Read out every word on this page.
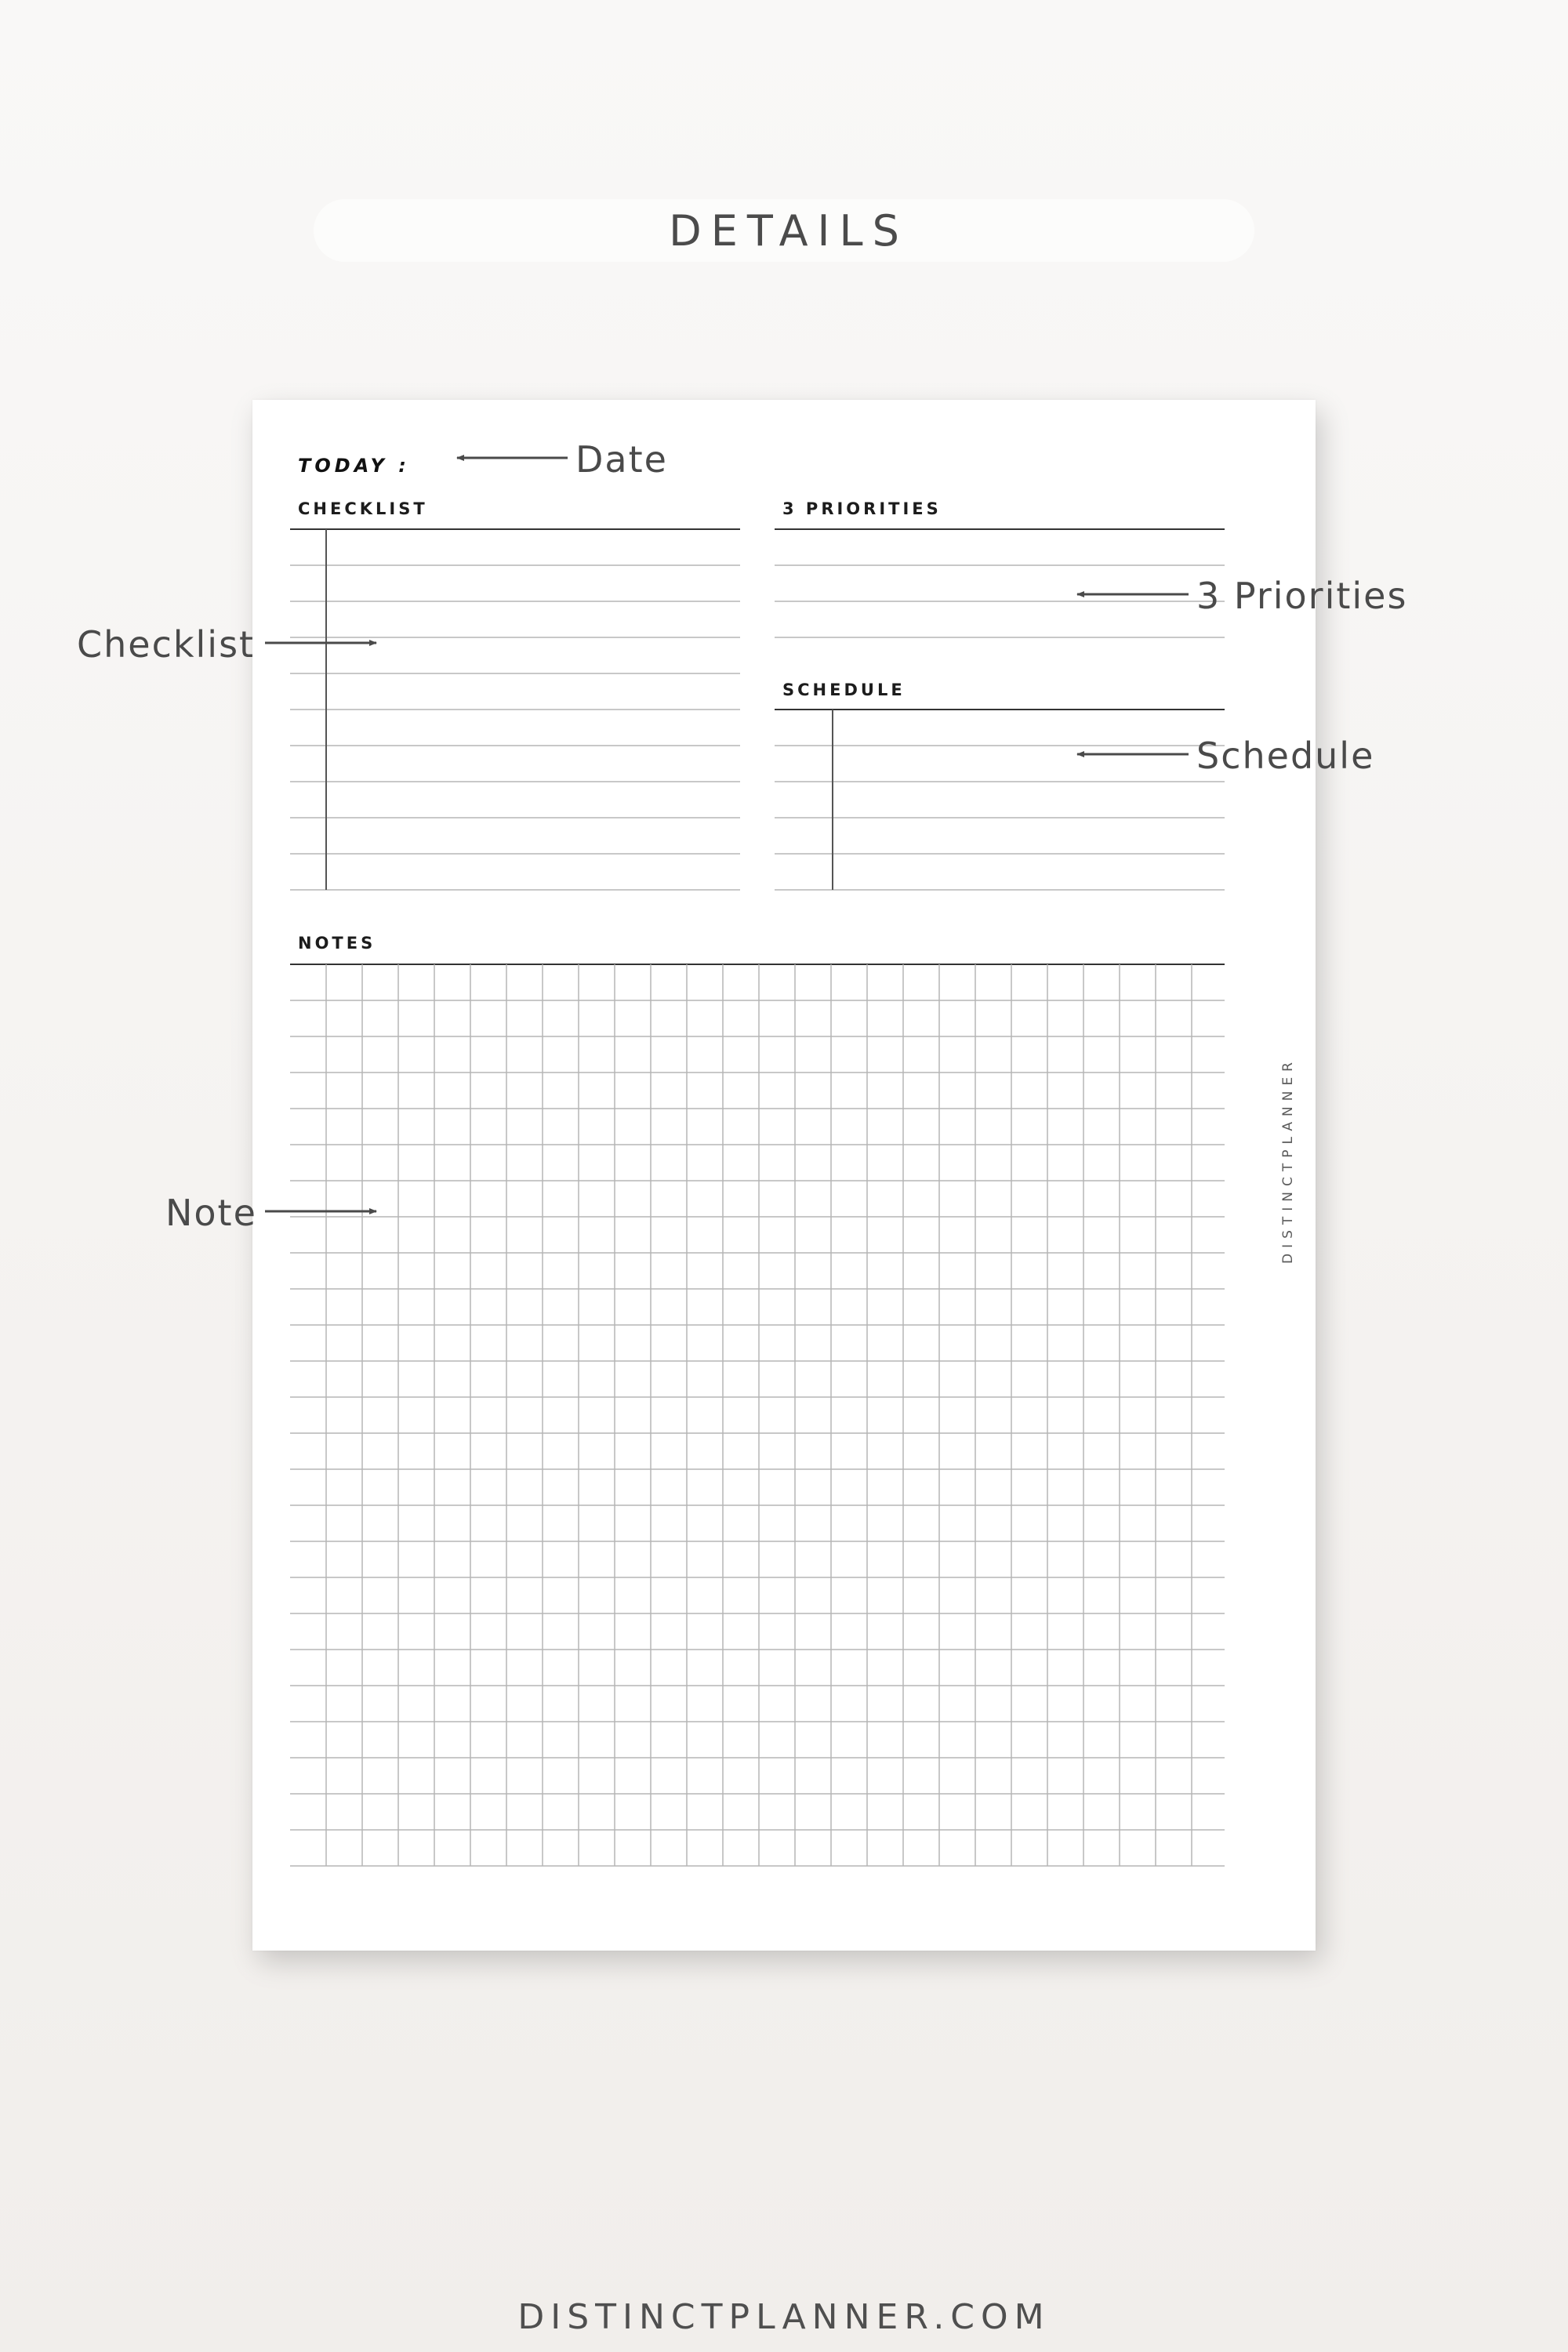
DETAILS
TODAY :
CHECKLIST	3 PRIORITIES
SCHEDULE
NOTES
DISTINCTPLANNER
Date
3 Priorities
Checklist
Schedule
Note
DISTINCTPLANNER.COM
